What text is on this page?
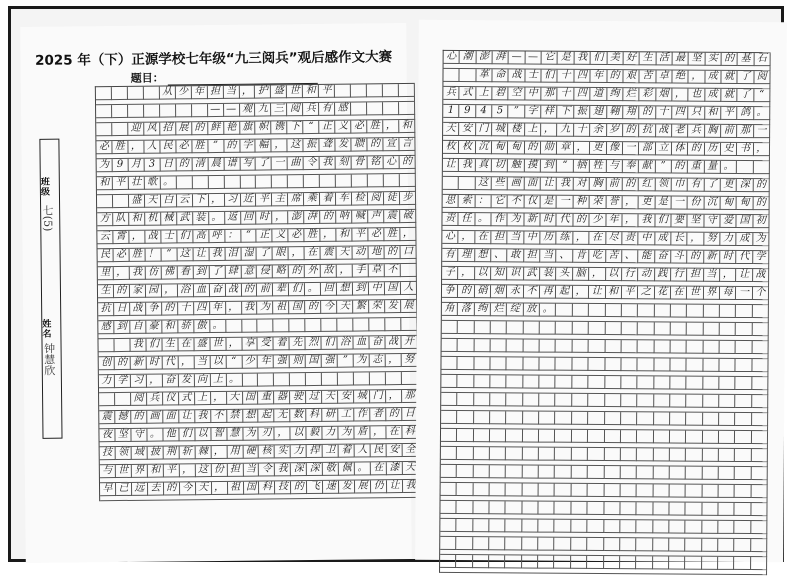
2025 年（下）正源学校七年级“九三阅兵”观后感作文大赛
题目：
班级
七(5)
姓名
钟慧欣
从 少 年 担 当 ， 护 盛 世 和 平
— — 观 九 三 阅 兵 有 感
迎 风 招 展 的 鲜 艳 旗 帜 镌 下 “ 正 义 必 胜 ， 和
必 胜 ， 人 民 必 胜 ” 的 字 幅 ， 这 振 聋 发 聩 的 宣 言
为 9 月 3 日 的 清 晨 谱 写 了 一 曲 令 我 刻 骨 铭 心 的
和 平 壮 歌 。
盛 天 白 云 下 ， 习 近 平 主 席 乘 着 车 检 阅 徒 步
方 队 和 机 械 武 装 。 返 回 时 ， 澎 湃 的 呐 喊 声 震 破
云 霄 ， 战 士 们 高 呼 ： “ 正 义 必 胜 ， 和 平 必 胜 ，
民 必 胜 ！ ” 这 让 我 泪 湿 了 眼 ， 在 震 天 动 地 的 口
里 ， 我 仿 佛 看 到 了 肆 意 侵 略 的 外 敌 ， 手 草 不
生 的 家 园 ， 浴 血 奋 战 的 前 辈 们 。 回 想 到 中 国 人
抗 日 战 争 的 十 四 年 ， 我 为 祖 国 的 今 天 繁 荣 发 展
感 到 自 豪 和 骄 傲 。
我 们 生 在 盛 世 ， 享 受 着 先 烈 们 浴 血 奋 战 开
创 的 新 时 代 ， 当 以 “ 少 年 强 则 国 强 ” 为 志 ， 努
力 学 习 ， 奋 发 向 上 。
阅 兵 仪 式 上 ， 大 国 重 器 驶 过 天 安 城 门 ， 那
震 撼 的 画 面 让 我 不 禁 想 起 无 数 科 研 工 作 者 的 日
夜 坚 守 。 他 们 以 智 慧 为 刃 ， 以 毅 力 为 盾 ， 在 科
技 领 域 披 荆 斩 棘 ， 用 硬 核 实 力 捍 卫 着 人 民 安 全
与 世 界 和 平 ， 这 份 担 当 令 我 深 深 敬 佩 。 在 漆 天
早 已 远 去 的 今 天 ， 祖 国 科 技 的 飞 速 发 展 仍 让 我
心 潮 澎 湃 — — 它 是 我 们 美 好 生 活 最 坚 实 的 基 石
革 命 战 士 们 十 四 年 的 艰 苦 卓 绝 ， 成 就 了 阅
兵 式 上 碧 空 中 那 十 四 道 绚 烂 彩 烟 ， 也 成 就 了 “
1 9 4 5	” 字 样 下 振 翅 翱 翔 的 十 四 只 和 平 鸽 。
天 安 门 城 楼 上 ， 九 十 余 岁 的 抗 战 老 兵 胸 前 那 一
枚 枚 沉 甸 甸 的 勋 章 ， 更 像 一 部 立 体 的 历 史 书 ，
让 我 真 切 触 摸 到 “ 牺 牲 与 奉 献 ” 的 重 量 。
这 些 画 面 让 我 对 胸 前 的 红 领 巾 有 了 更 深 的
思 索 ： 它 不 仅 是 一 种 荣 誉 ， 更 是 一 份 沉 甸 甸 的
责 任 。 作 为 新 时 代 的 少 年 ， 我 们 要 坚 守 爱 国 初
心 ， 在 担 当 中 历 练 ， 在 尽 责 中 成 长 ， 努 力 成 为
有 理 想 、 敢 担 当 、 肯 吃 苦 、 能 奋 斗 的 新 时 代 学
子 ， 以 知 识 武 装 头 脑 ， 以 行 动 践 行 担 当 ， 让 战
争 的 硝 烟 永 不 再 起 ， 让 和 平 之 花 在 世 界 每 一 个
角 落 绚 烂 绽 放 。
